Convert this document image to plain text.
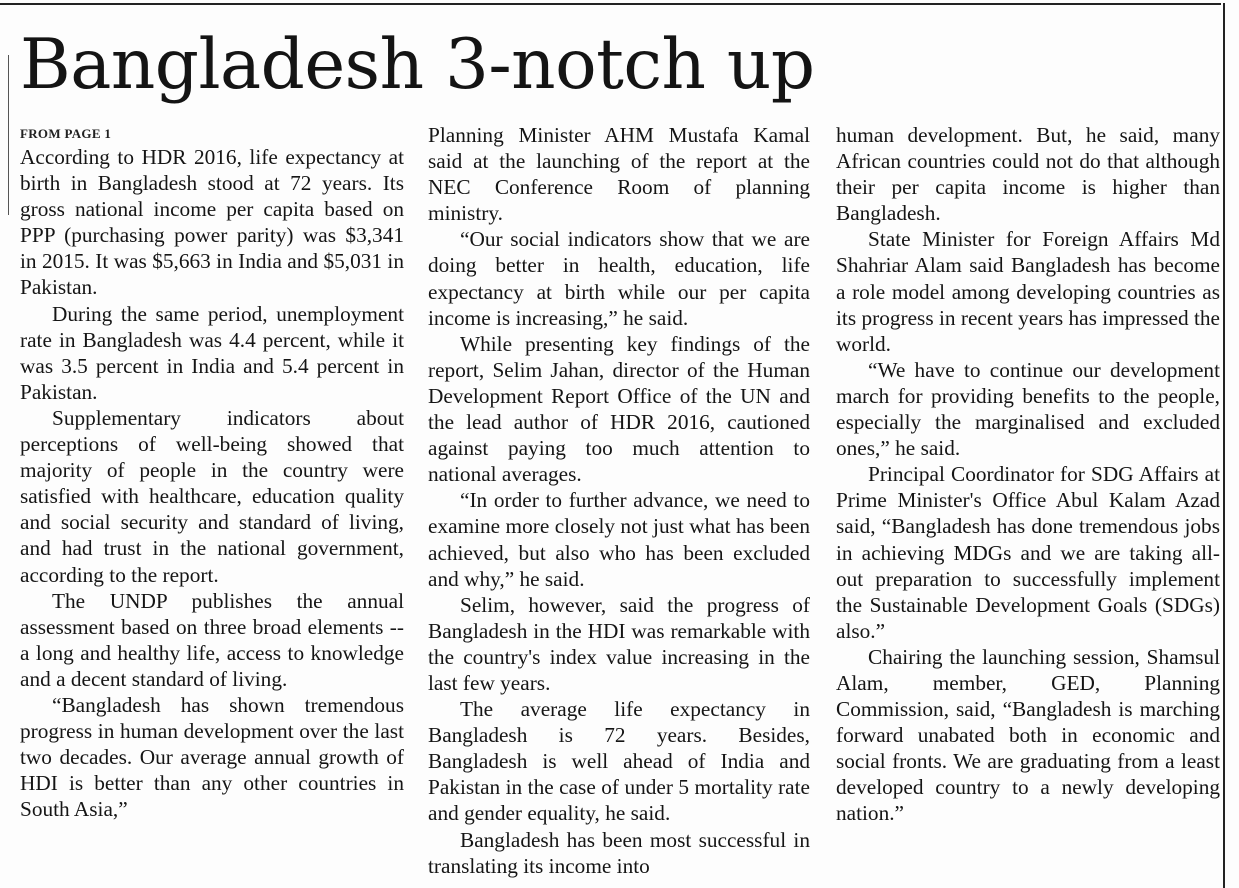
Bangladesh 3-notch up
FROM PAGE 1

According to HDR 2016, life expectancy at birth in Bangladesh stood at 72 years. Its gross national income per capita based on PPP (purchasing power parity) was $3,341 in 2015. It was $5,663 in India and $5,031 in Pakistan.

During the same period, unemployment rate in Bangladesh was 4.4 percent, while it was 3.5 percent in India and 5.4 percent in Pakistan.

Supplementary indicators about perceptions of well-being showed that majority of people in the country were satisfied with healthcare, education quality and social security and standard of living, and had trust in the national government, according to the report.

The UNDP publishes the annual assessment based on three broad elements -- a long and healthy life, access to knowledge and a decent standard of living.

“Bangladesh has shown tremendous progress in human development over the last two decades. Our average annual growth of HDI is better than any other countries in South Asia,”

Planning Minister AHM Mustafa Kamal said at the launching of the report at the NEC Conference Room of planning ministry.

“Our social indicators show that we are doing better in health, education, life expectancy at birth while our per capita income is increasing,” he said.

While presenting key findings of the report, Selim Jahan, director of the Human Development Report Office of the UN and the lead author of HDR 2016, cautioned against paying too much attention to national averages.

“In order to further advance, we need to examine more closely not just what has been achieved, but also who has been excluded and why,” he said.

Selim, however, said the progress of Bangladesh in the HDI was remarkable with the country's index value increasing in the last few years.

The average life expectancy in Bangladesh is 72 years. Besides, Bangladesh is well ahead of India and Pakistan in the case of under 5 mortality rate and gender equality, he said.

Bangladesh has been most successful in translating its income into

human development. But, he said, many African countries could not do that although their per capita income is higher than Bangladesh.

State Minister for Foreign Affairs Md Shahriar Alam said Bangladesh has become a role model among developing countries as its progress in recent years has impressed the world.

“We have to continue our development march for providing benefits to the people, especially the marginalised and excluded ones,” he said.

Principal Coordinator for SDG Affairs at Prime Minister's Office Abul Kalam Azad said, “Bangladesh has done tremendous jobs in achieving MDGs and we are taking all-out preparation to successfully implement the Sustainable Development Goals (SDGs) also.”

Chairing the launching session, Shamsul Alam, member, GED, Planning Commission, said, “Bangladesh is marching forward unabated both in economic and social fronts. We are graduating from a least developed country to a newly developing nation.”
